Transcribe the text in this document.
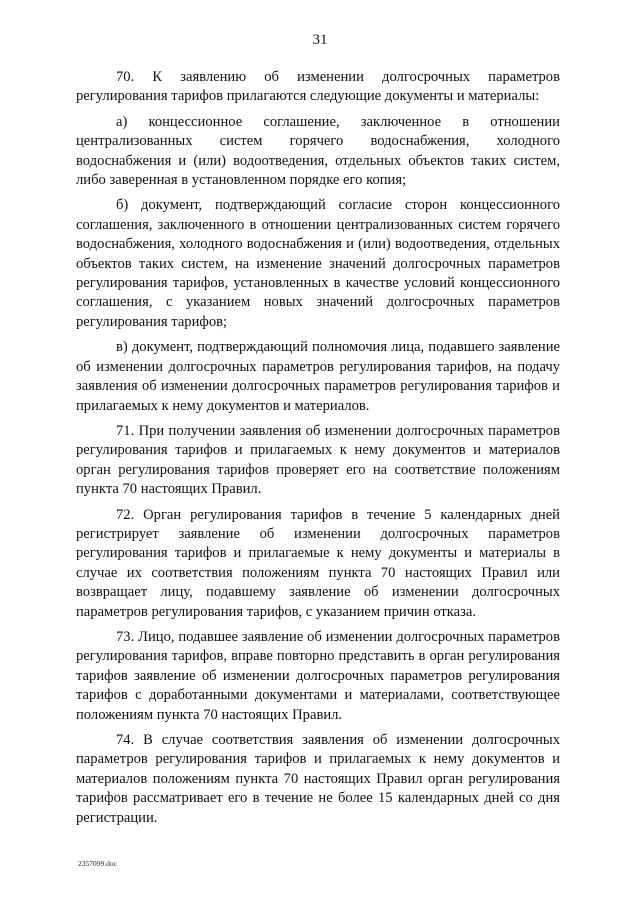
31

70. К заявлению об изменении долгосрочных параметров регулирования тарифов прилагаются следующие документы и материалы:

а) концессионное соглашение, заключенное в отношении централизованных систем горячего водоснабжения, холодного водоснабжения и (или) водоотведения, отдельных объектов таких систем, либо заверенная в установленном порядке его копия;

б) документ, подтверждающий согласие сторон концессионного соглашения, заключенного в отношении централизованных систем горячего водоснабжения, холодного водоснабжения и (или) водоотведения, отдельных объектов таких систем, на изменение значений долгосрочных параметров регулирования тарифов, установленных в качестве условий концессионного соглашения, с указанием новых значений долгосрочных параметров регулирования тарифов;

в) документ, подтверждающий полномочия лица, подавшего заявление об изменении долгосрочных параметров регулирования тарифов, на подачу заявления об изменении долгосрочных параметров регулирования тарифов и прилагаемых к нему документов и материалов.

71. При получении заявления об изменении долгосрочных параметров регулирования тарифов и прилагаемых к нему документов и материалов орган регулирования тарифов проверяет его на соответствие положениям пункта 70 настоящих Правил.

72. Орган регулирования тарифов в течение 5 календарных дней регистрирует заявление об изменении долгосрочных параметров регулирования тарифов и прилагаемые к нему документы и материалы в случае их соответствия положениям пункта 70 настоящих Правил или возвращает лицу, подавшему заявление об изменении долгосрочных параметров регулирования тарифов, с указанием причин отказа.

73. Лицо, подавшее заявление об изменении долгосрочных параметров регулирования тарифов, вправе повторно представить в орган регулирования тарифов заявление об изменении долгосрочных параметров регулирования тарифов с доработанными документами и материалами, соответствующее положениям пункта 70 настоящих Правил.

74. В случае соответствия заявления об изменении долгосрочных параметров регулирования тарифов и прилагаемых к нему документов и материалов положениям пункта 70 настоящих Правил орган регулирования тарифов рассматривает его в течение не более 15 календарных дней со дня регистрации.

2357099.doc
